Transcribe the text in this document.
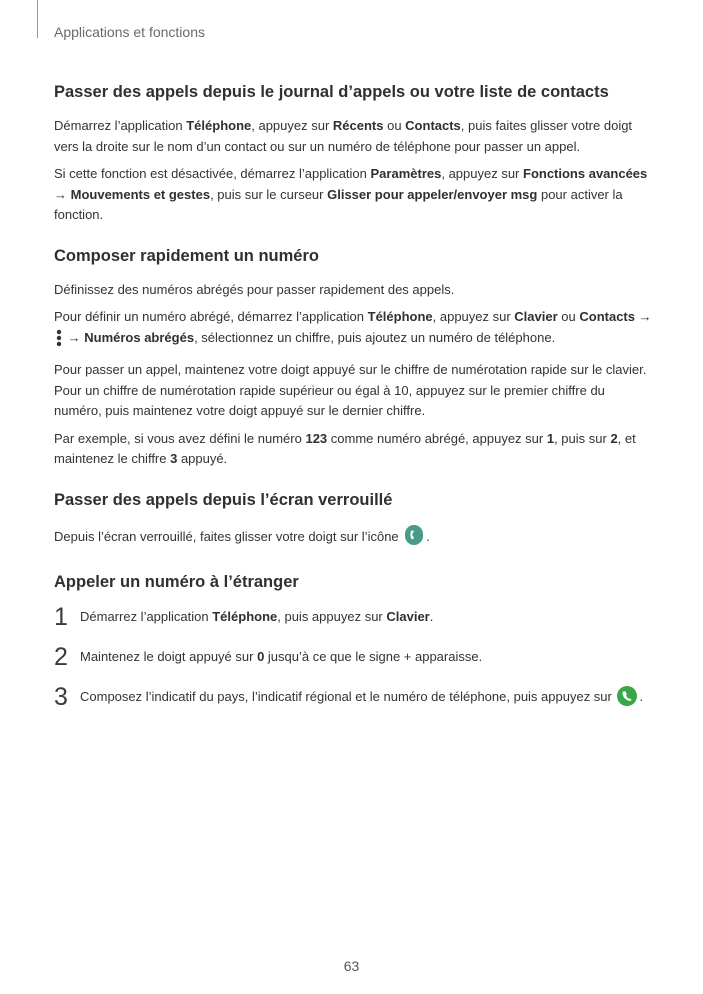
Applications et fonctions
Passer des appels depuis le journal d’appels ou votre liste de contacts

Démarrez l’application Téléphone, appuyez sur Récents ou Contacts, puis faites glisser votre doigt vers la droite sur le nom d’un contact ou sur un numéro de téléphone pour passer un appel.

Si cette fonction est désactivée, démarrez l’application Paramètres, appuyez sur Fonctions avancées → Mouvements et gestes, puis sur le curseur Glisser pour appeler/envoyer msg pour activer la fonction.

Composer rapidement un numéro

Définissez des numéros abrégés pour passer rapidement des appels.

Pour définir un numéro abrégé, démarrez l’application Téléphone, appuyez sur Clavier ou Contacts →  → Numéros abrégés, sélectionnez un chiffre, puis ajoutez un numéro de téléphone.

Pour passer un appel, maintenez votre doigt appuyé sur le chiffre de numérotation rapide sur le clavier. Pour un chiffre de numérotation rapide supérieur ou égal à 10, appuyez sur le premier chiffre du numéro, puis maintenez votre doigt appuyé sur le dernier chiffre.

Par exemple, si vous avez défini le numéro 123 comme numéro abrégé, appuyez sur 1, puis sur 2, et maintenez le chiffre 3 appuyé.

Passer des appels depuis l’écran verrouillé

Depuis l’écran verrouillé, faites glisser votre doigt sur l’icône .

Appeler un numéro à l’étranger
1 Démarrez l’application Téléphone, puis appuyez sur Clavier.
2 Maintenez le doigt appuyé sur 0 jusqu’à ce que le signe + apparaisse.
3 Composez l’indicatif du pays, l’indicatif régional et le numéro de téléphone, puis appuyez sur .
63
